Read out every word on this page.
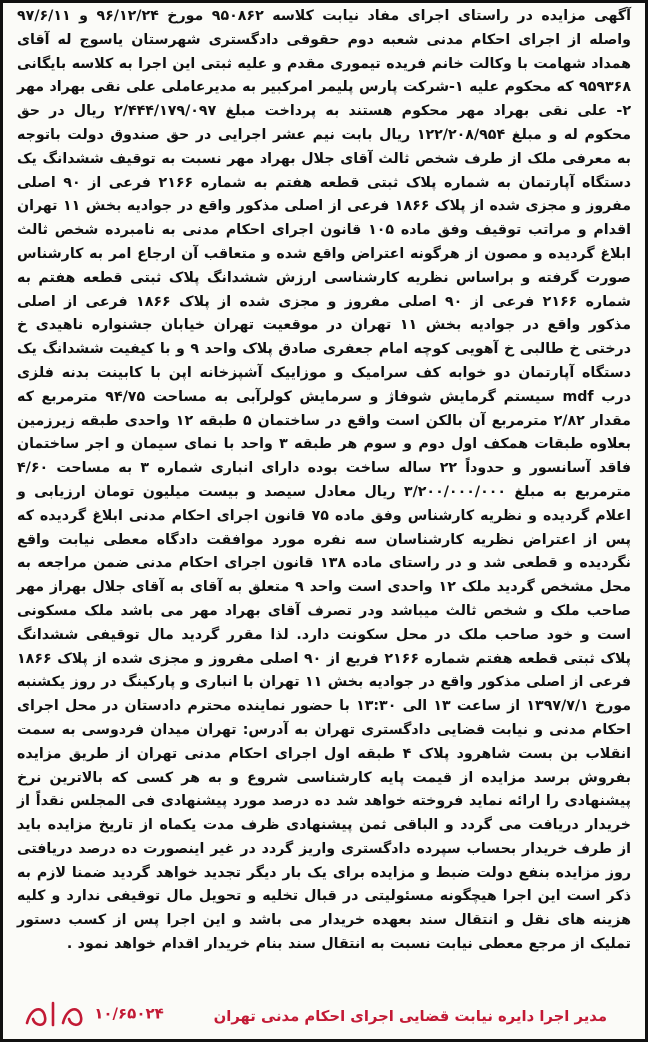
آگهی مزایده در راستای اجرای مفاد نیابت کلاسه ۹۵۰۸۶۲ مورخ ۹۶/۱۲/۲۴ و ۹۷/۶/۱۱ واصله از اجرای احکام مدنی شعبه دوم حقوقی دادگستری شهرستان یاسوج له آقای همداد شهامت با وکالت خانم فریده تیموری مقدم و علیه ثبتی این اجرا به کلاسه بایگانی ۹۵۹۳۶۸ که محکوم علیه ۱-شرکت پارس پلیمر امرکبیر به مدیرعاملی علی نقی بهراد مهر ۲- علی نقی بهراد مهر محکوم هستند به پرداخت مبلغ ۲/۴۴۴/۱۷۹/۰۹۷ ریال در حق محکوم له و مبلغ ۱۲۲/۲۰۸/۹۵۴ ریال بابت نیم عشر اجرایی در حق صندوق دولت باتوجه به معرفی ملک از طرف شخص ثالث آقای جلال بهراد مهر نسبت به توقیف ششدانگ یک دستگاه آپارتمان به شماره پلاک ثبتی قطعه هفتم به شماره ۲۱۶۶ فرعی از ۹۰ اصلی مفروز و مجزی شده از پلاک ۱۸۶۶ فرعی از اصلی مذکور واقع در جوادیه بخش ۱۱ تهران اقدام و مراتب توقیف وفق ماده ۱۰۵ قانون اجرای احکام مدنی به نامبرده شخص ثالث ابلاغ گردیده و مصون از هرگونه اعتراض واقع شده و متعاقب آن ارجاع امر به کارشناس صورت گرفته و براساس نظریه کارشناسی ارزش ششدانگ پلاک ثبتی قطعه هفتم به شماره ۲۱۶۶ فرعی از ۹۰ اصلی مفروز و مجزی شده از پلاک ۱۸۶۶ فرعی از اصلی مذکور واقع در جوادیه بخش ۱۱ تهران در موقعیت تهران خیابان جشنواره ناهیدی خ درختی خ طالبی خ آهویی کوچه امام جعفری صادق پلاک واحد ۹ و با کیفیت ششدانگ یک دستگاه آپارتمان دو خوابه کف سرامیک و موزاییک آشپزخانه اپن با کابینت بدنه فلزی درب mdf سیستم گرمایش شوفاژ و سرمایش کولرآبی به مساحت ۹۴/۷۵ مترمربع که مقدار ۲/۸۲ مترمربع آن بالکن است واقع در ساختمان ۵ طبقه ۱۲ واحدی طبقه زیرزمین بعلاوه طبقات همکف اول دوم و سوم هر طبقه ۳ واحد با نمای سیمان و اجر ساختمان فاقد آسانسور و حدوداً ۲۲ ساله ساخت بوده دارای انباری شماره ۳ به مساحت ۴/۶۰ مترمربع به مبلغ ۳/۲۰۰/۰۰۰/۰۰۰ ریال معادل سیصد و بیست میلیون تومان ارزیابی و اعلام گردیده و نظریه کارشناس وفق ماده ۷۵ قانون اجرای احکام مدنی ابلاغ گردیده که پس از اعتراض نظریه کارشناسان سه نفره مورد موافقت دادگاه معطی نیابت واقع نگردیده و قطعی شد و در راستای ماده ۱۳۸ قانون اجرای احکام مدنی ضمن مراجعه به محل مشخص گردید ملک ۱۲ واحدی است واحد ۹ متعلق به آقای به آقای جلال بهراز مهر صاحب ملک و شخص ثالث میباشد ودر تصرف آقای بهراد مهر می باشد ملک مسکونی است و خود صاحب ملک در محل سکونت دارد. لذا مقرر گردید مال توقیفی ششدانگ پلاک ثبتی قطعه هفتم شماره ۲۱۶۶ فریع از ۹۰ اصلی مفروز و مجزی شده از پلاک ۱۸۶۶ فرعی از اصلی مذکور واقع در جوادیه بخش ۱۱ تهران با انباری و پارکینگ در روز یکشنبه مورخ ۱۳۹۷/۷/۱ از ساعت ۱۳ الی ۱۳:۳۰ با حضور نماینده محترم دادستان در محل اجرای احکام مدنی و نیابت قضایی دادگستری تهران به آدرس: تهران میدان فردوسی به سمت انقلاب بن بست شاهرود پلاک ۴ طبقه اول اجرای احکام مدنی تهران از طریق مزایده بفروش برسد مزایده از قیمت پایه کارشناسی شروع و به هر کسی که بالاترین نرخ پیشنهادی را ارائه نماید فروخته خواهد شد ده درصد مورد پیشنهادی فی المجلس نقداً از خریدار دریافت می گردد و الباقی ثمن پیشنهادی ظرف مدت یکماه از تاریخ مزایده باید از طرف خریدار بحساب سپرده دادگستری واریز گردد در غیر اینصورت ده درصد دریافتی روز مزایده بنفع دولت ضبط و مزایده برای یک بار دیگر تجدید خواهد گردید ضمنا لازم به ذکر است این اجرا هیچگونه مسئولیتی در قبال تخلیه و تحویل مال توقیفی ندارد و کلیه هزینه های نقل و انتقال سند بعهده خریدار می باشد و این اجرا پس از کسب دستور تملیک از مرجع معطی نیابت نسبت به انتقال سند بنام خریدار اقدام خواهد نمود .

مدیر اجرا دایره نیابت قضایی اجرای احکام مدنی تهران
۱۰/۶۵۰۲۴
